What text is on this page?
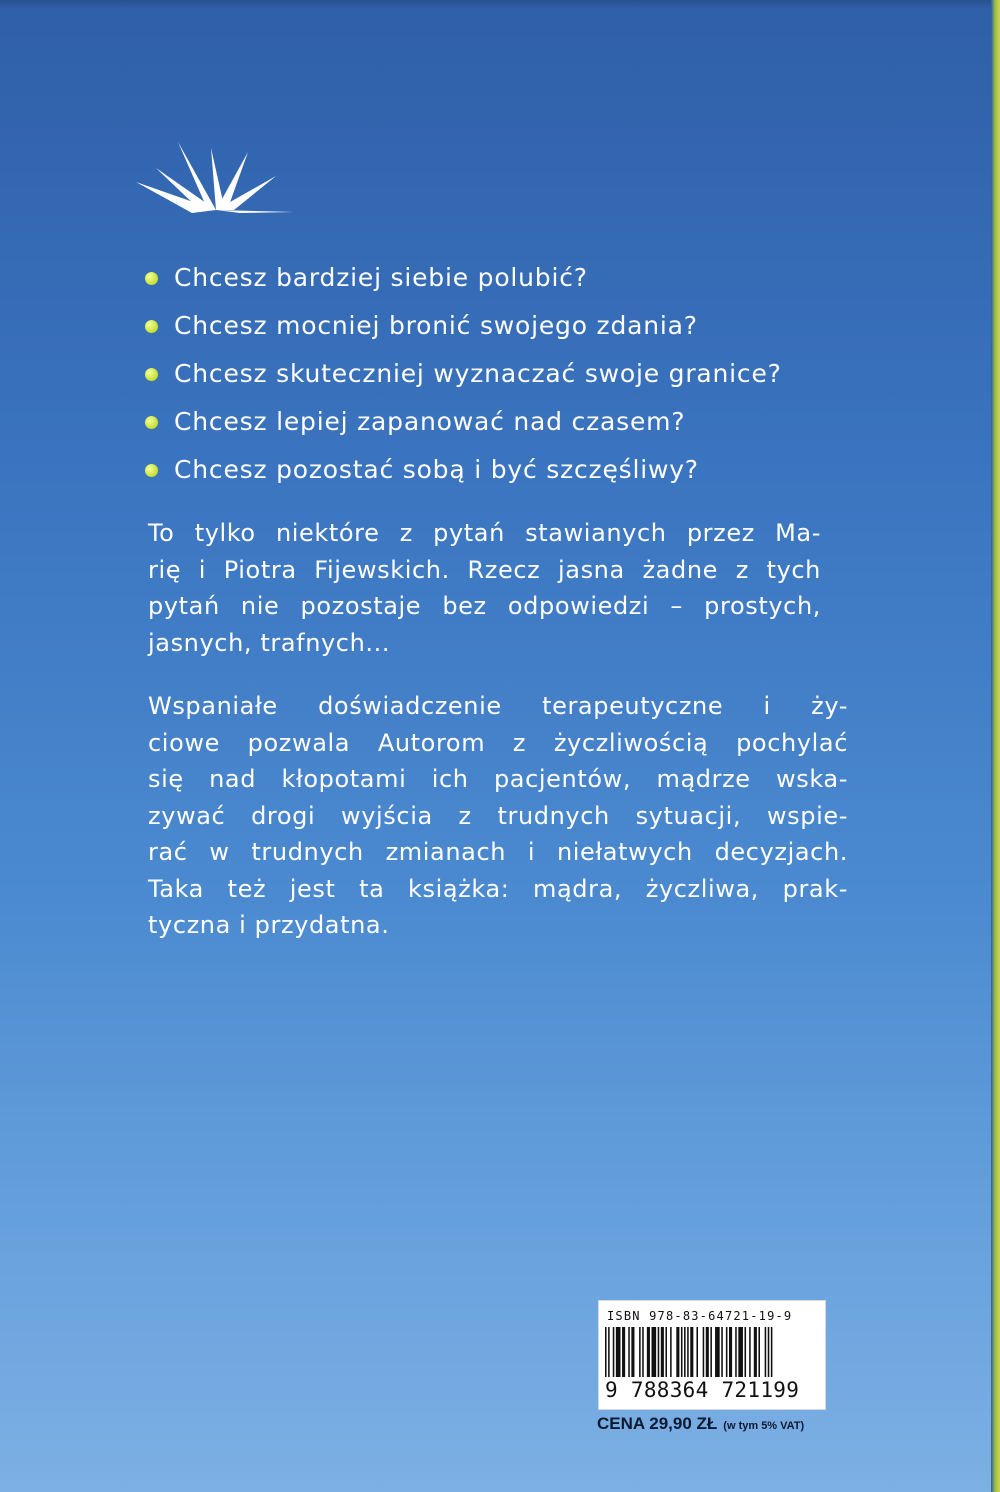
Chcesz bardziej siebie polubić?
Chcesz mocniej bronić swojego zdania?
Chcesz skuteczniej wyznaczać swoje granice?
Chcesz lepiej zapanować nad czasem?
Chcesz pozostać sobą i być szczęśliwy?
To tylko niektóre z pytań stawianych przez Ma-
rię i Piotra Fijewskich. Rzecz jasna żadne z tych
pytań nie pozostaje bez odpowiedzi – prostych,
jasnych, trafnych...
Wspaniałe doświadczenie terapeutyczne i ży-
ciowe pozwala Autorom z życzliwością pochylać
się nad kłopotami ich pacjentów, mądrze wska-
zywać drogi wyjścia z trudnych sytuacji, wspie-
rać w trudnych zmianach i niełatwych decyzjach.
Taka też jest ta książka: mądra, życzliwa, prak-
tyczna i przydatna.
ISBN 978-83-64721-19-9
9 788364 721199
CENA 29,90 ZŁ (w tym 5% VAT)
